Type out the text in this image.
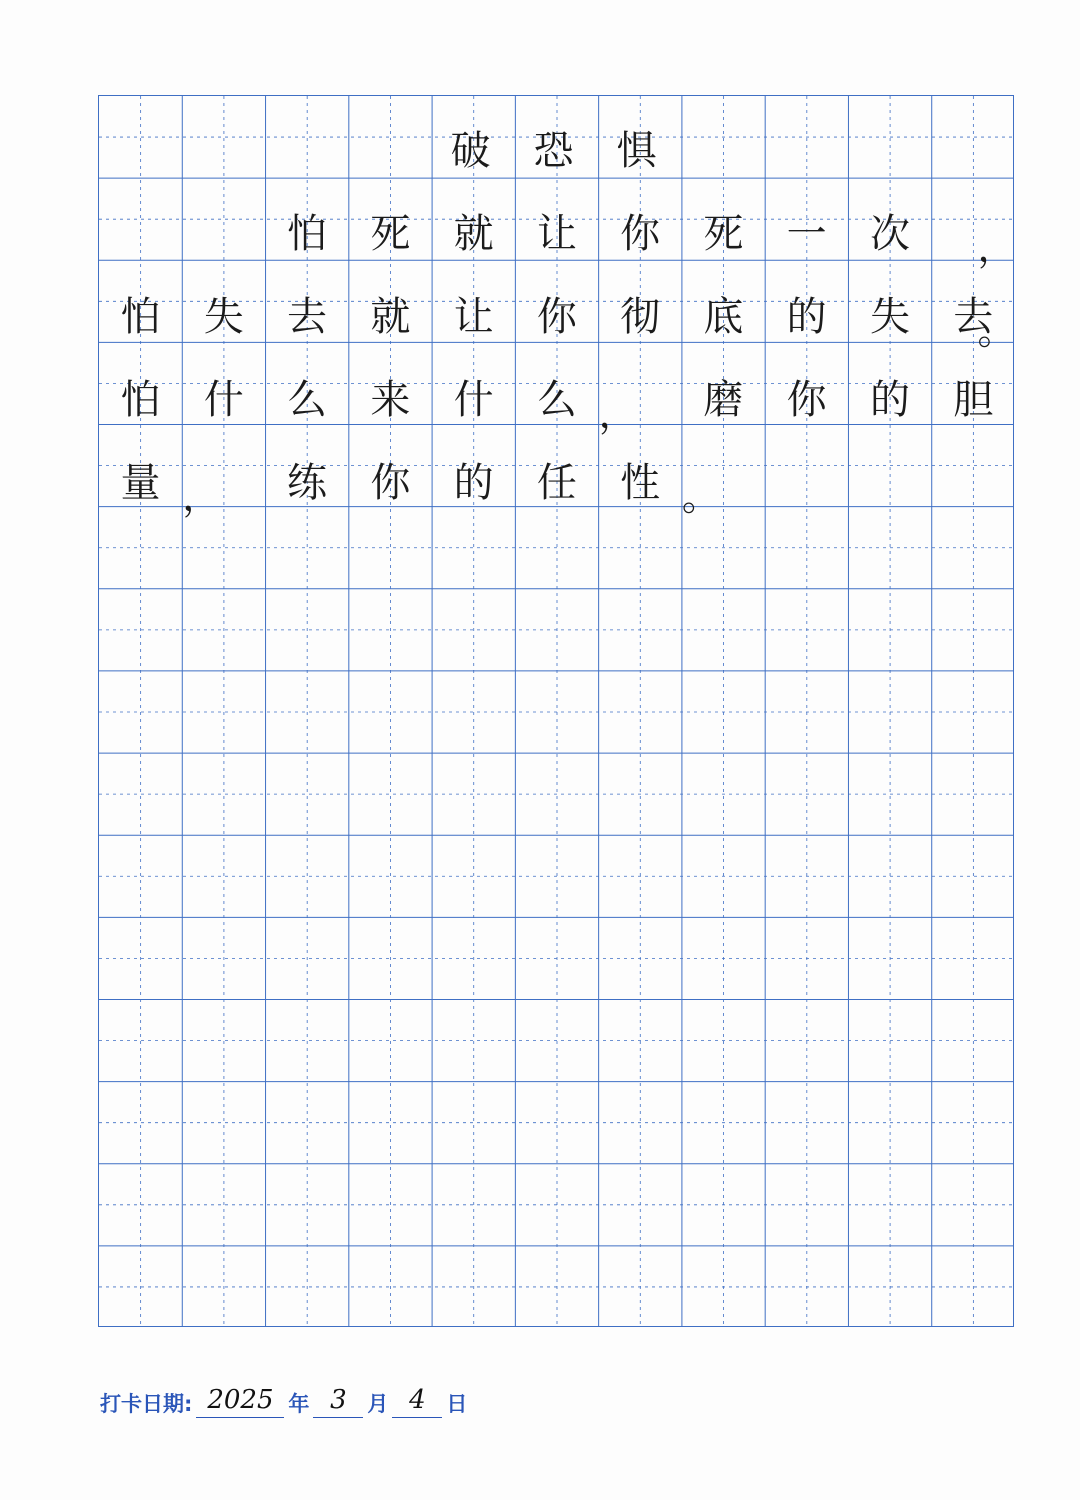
破	恐	惧
怕	死	就	让	你	死	一	次	，
怕	失	去	就	让	你	彻	底	的	失	去
。
怕	什	么	来	什	么 ，	磨	你	的	胆
量 ，	练	你	的	任	性 。
打卡日期: 2025 年 3 月 4 日
